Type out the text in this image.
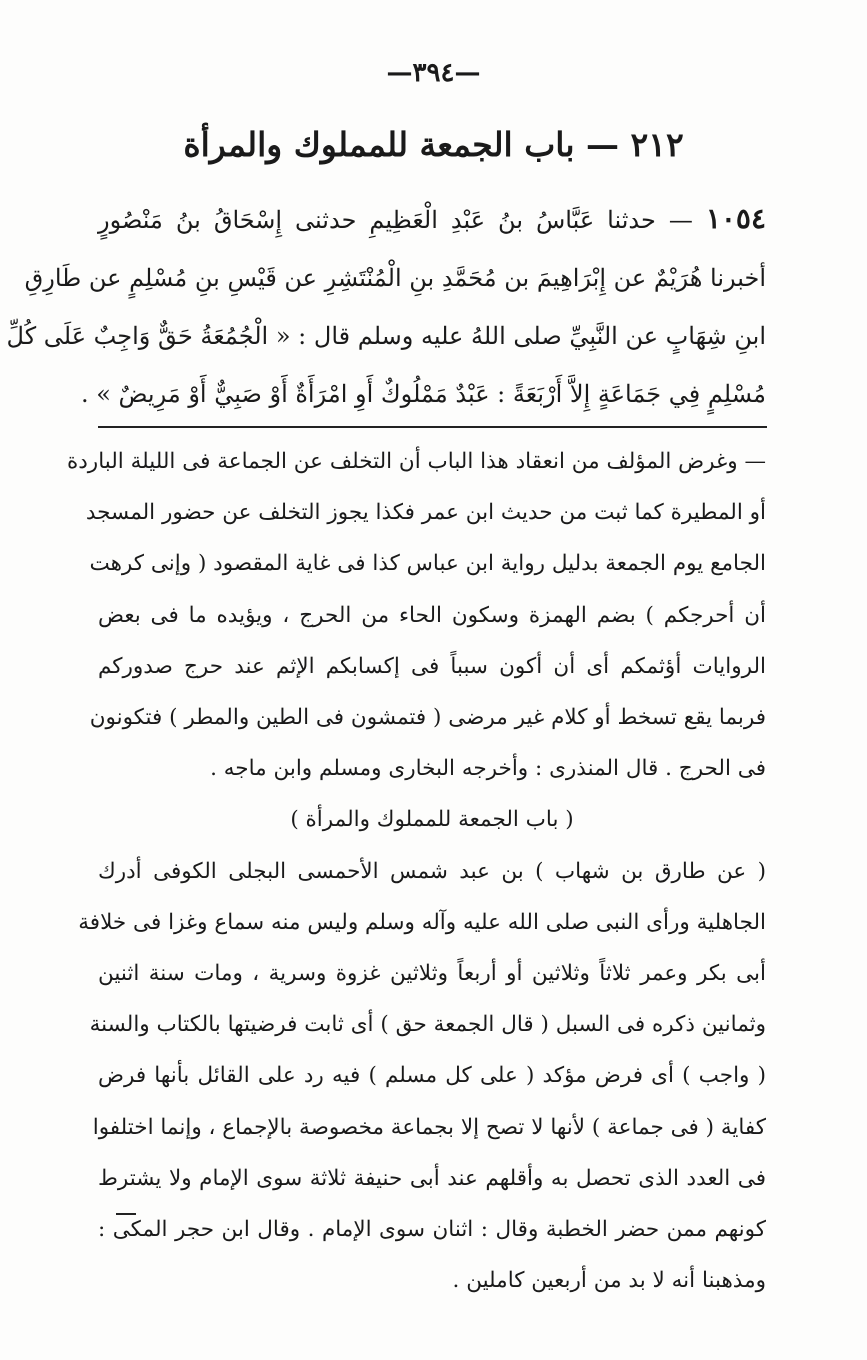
—٣٩٤—
٢١٢ — باب الجمعة للمملوك والمرأة
١٠٥٤ — حدثنا عَبَّاسُ بنُ عَبْدِ الْعَظِيمِ حدثنى إِسْحَاقُ بنُ مَنْصُورٍ
أخبرنا هُرَيْمٌ عن إِبْرَاهِيمَ بن مُحَمَّدِ بنِ الْمُنْتَشِرِ عن قَيْسِ بنِ مُسْلِمٍ عن طَارِقِ
ابنِ شِهَابٍ عن النَّبِيِّ صلى اللهُ عليه وسلم قال : « الْجُمُعَةُ حَقٌّ وَاجِبٌ عَلَى كُلِّ
مُسْلِمٍ فِي جَمَاعَةٍ إِلاَّ أَرْبَعَةً : عَبْدٌ مَمْلُوكٌ أَوِ امْرَأَةٌ أَوْ صَبِيٌّ أَوْ مَرِيضٌ » .
— وغرض المؤلف من انعقاد هذا الباب أن التخلف عن الجماعة فى الليلة الباردة
أو المطيرة كما ثبت من حديث ابن عمر فكذا يجوز التخلف عن حضور المسجد
الجامع يوم الجمعة بدليل رواية ابن عباس كذا فى غاية المقصود ( وإنى كرهت
أن أحرجكم ) بضم الهمزة وسكون الحاء من الحرج ، ويؤيده ما فى بعض
الروايات أؤثمكم أى أن أكون سبباً فى إكسابكم الإثم عند حرج صدوركم
فربما يقع تسخط أو كلام غير مرضى ( فتمشون فى الطين والمطر ) فتكونون
فى الحرج . قال المنذرى : وأخرجه البخارى ومسلم وابن ماجه .
( باب الجمعة للمملوك والمرأة )
( عن طارق بن شهاب ) بن عبد شمس الأحمسى البجلى الكوفى أدرك
الجاهلية ورأى النبى صلى الله عليه وآله وسلم وليس منه سماع وغزا فى خلافة
أبى بكر وعمر ثلاثاً وثلاثين أو أربعاً وثلاثين غزوة وسرية ، ومات سنة اثنين
وثمانين ذكره فى السبل ( قال الجمعة حق ) أى ثابت فرضيتها بالكتاب والسنة
( واجب ) أى فرض مؤكد ( على كل مسلم ) فيه رد على القائل بأنها فرض
كفاية ( فى جماعة ) لأنها لا تصح إلا بجماعة مخصوصة بالإجماع ، وإنما اختلفوا
فى العدد الذى تحصل به وأقلهم عند أبى حنيفة ثلاثة سوى الإمام ولا يشترط
كونهم ممن حضر الخطبة وقال : اثنان سوى الإمام . وقال ابن حجر المكى :
ومذهبنا أنه لا بد من أربعين كاملين .
